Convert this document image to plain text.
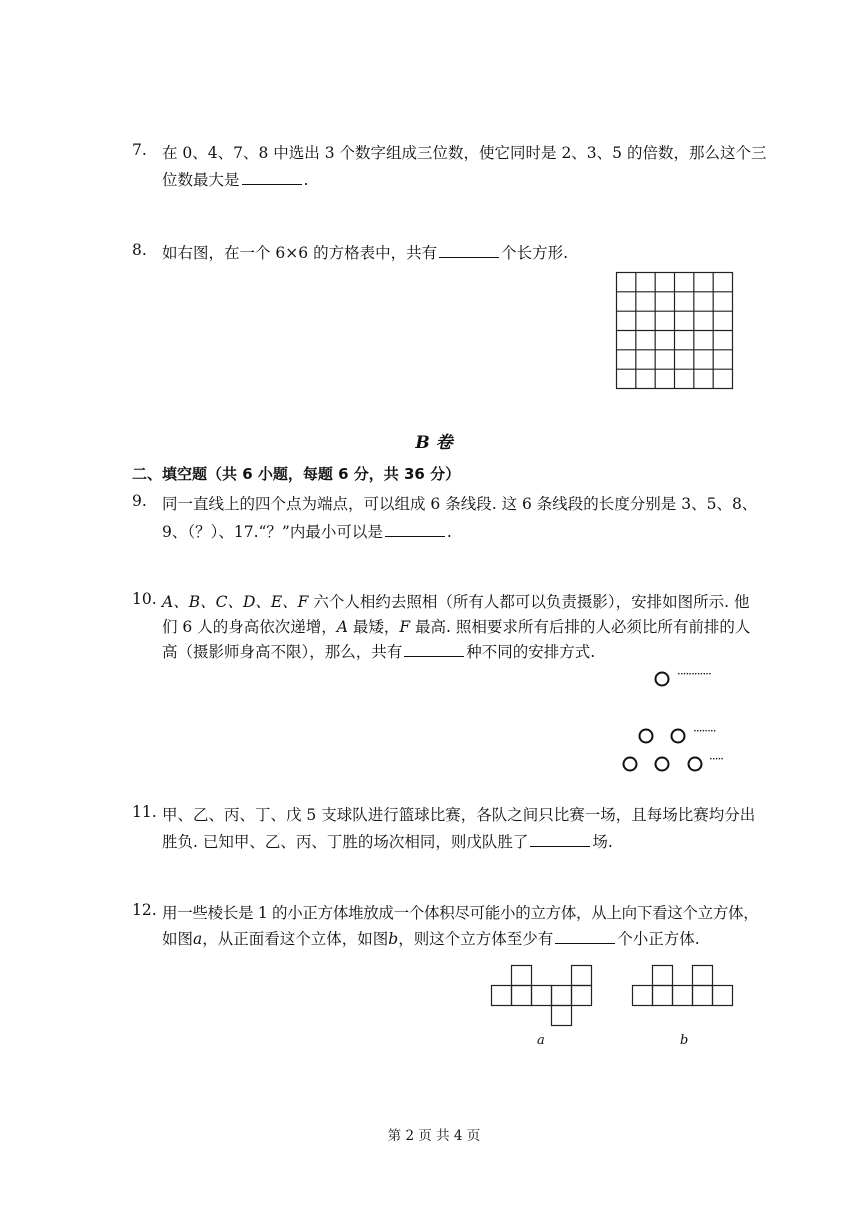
7. 在 0、4、7、8 中选出 3 个数字组成三位数，使它同时是 2、3、5 的倍数，那么这个三
位数最大是	.
8. 如右图，在一个 6×6 的方格表中，共有	个长方形.
B 卷
二、填空题（共 6 小题，每题 6 分，共 36 分）
9. 同一直线上的四个点为端点，可以组成 6 条线段. 这 6 条线段的长度分别是 3、5、8、
9、（？）、17.“？”内最小可以是	.
10. A、B、C、D、E、F 六个人相约去照相（所有人都可以负责摄影），安排如图所示. 他
们 6 人的身高依次递增，A 最矮，F 最高. 照相要求所有后排的人必须比所有前排的人
高（摄影师身高不限），那么，共有	种不同的安排方式.
············
········
·····
11. 甲、乙、丙、丁、戊 5 支球队进行篮球比赛，各队之间只比赛一场，且每场比赛均分出
胜负. 已知甲、乙、丙、丁胜的场次相同，则戊队胜了	场.
12. 用一些棱长是 1 的小正方体堆放成一个体积尽可能小的立方体，从上向下看这个立方体，
如图a，从正面看这个立体，如图b，则这个立方体至少有	个小正方体.
a	b
第 2 页 共 4 页
